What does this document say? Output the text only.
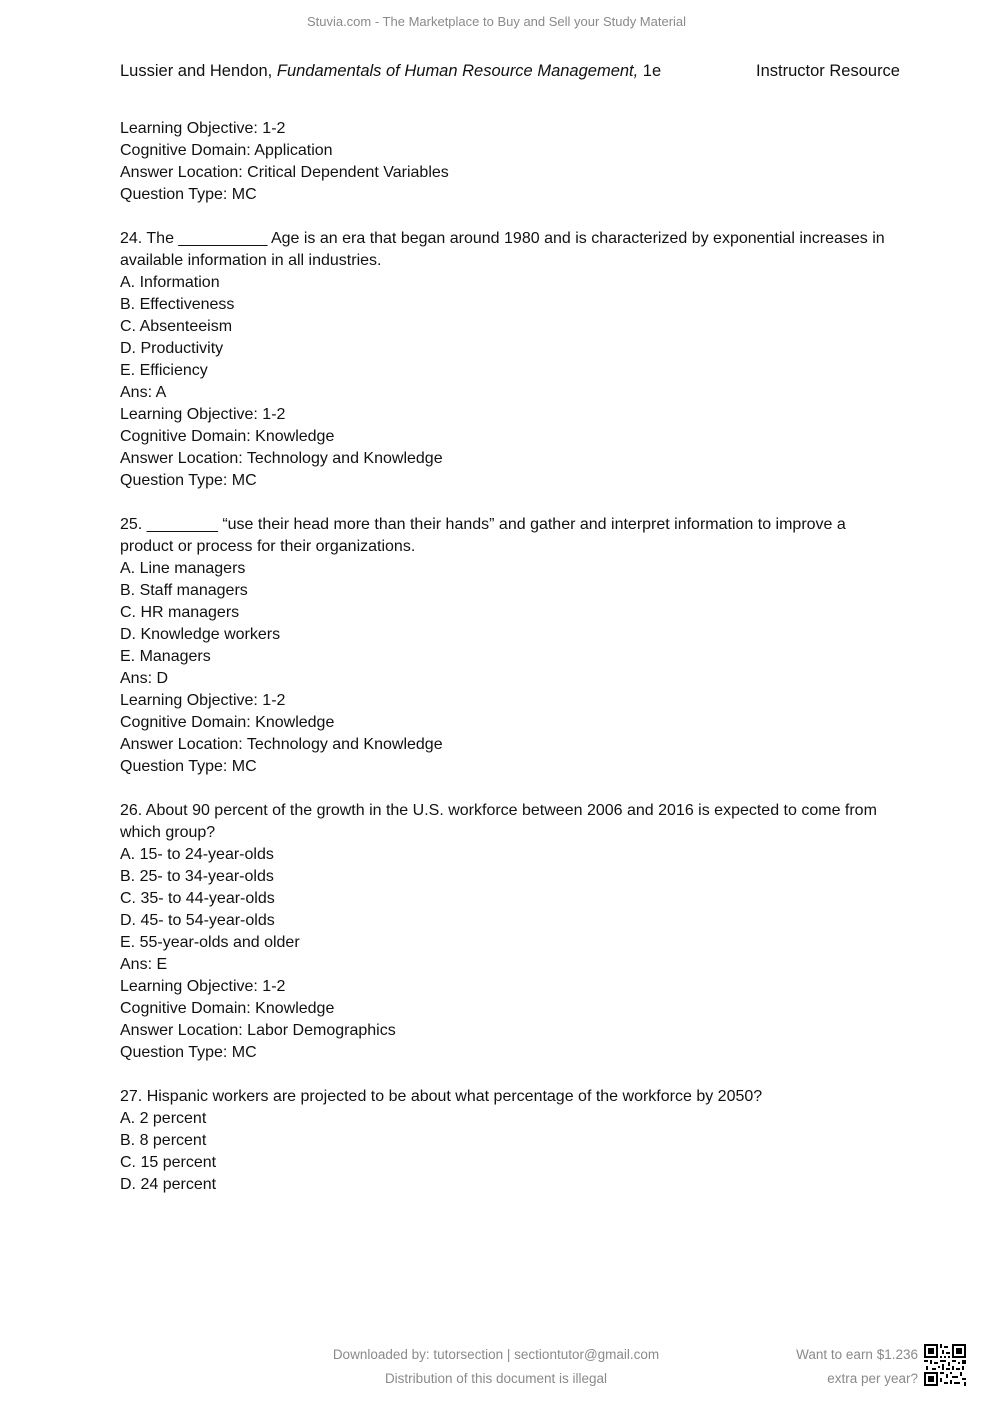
Stuvia.com - The Marketplace to Buy and Sell your Study Material
Lussier and Hendon, Fundamentals of Human Resource Management, 1e	Instructor Resource
Learning Objective: 1-2
Cognitive Domain: Application
Answer Location: Critical Dependent Variables
Question Type: MC
24. The __________ Age is an era that began around 1980 and is characterized by exponential increases in available information in all industries.
A. Information
B. Effectiveness
C. Absenteeism
D. Productivity
E. Efficiency
Ans: A
Learning Objective: 1-2
Cognitive Domain: Knowledge
Answer Location: Technology and Knowledge
Question Type: MC
25. ________ “use their head more than their hands” and gather and interpret information to improve a product or process for their organizations.
A. Line managers
B. Staff managers
C. HR managers
D. Knowledge workers
E. Managers
Ans: D
Learning Objective: 1-2
Cognitive Domain: Knowledge
Answer Location: Technology and Knowledge
Question Type: MC
26. About 90 percent of the growth in the U.S. workforce between 2006 and 2016 is expected to come from which group?
A. 15- to 24-year-olds
B. 25- to 34-year-olds
C. 35- to 44-year-olds
D. 45- to 54-year-olds
E. 55-year-olds and older
Ans: E
Learning Objective: 1-2
Cognitive Domain: Knowledge
Answer Location: Labor Demographics
Question Type: MC
27. Hispanic workers are projected to be about what percentage of the workforce by 2050?
A. 2 percent
B. 8 percent
C. 15 percent
D. 24 percent
Downloaded by: tutorsection | sectiontutor@gmail.com
Distribution of this document is illegal
Want to earn $1.236
extra per year?
